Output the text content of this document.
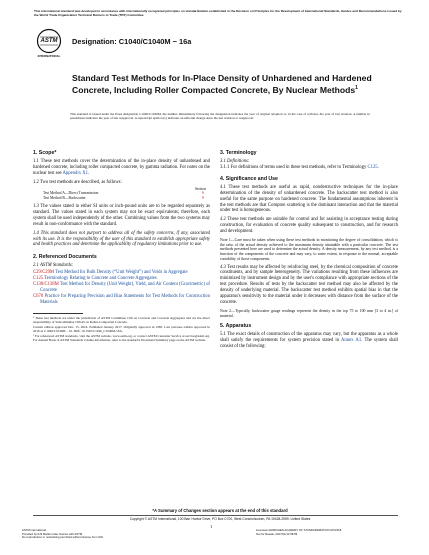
This international standard was developed in accordance with internationally recognized principles on standardization established in the Decision on Principles for the Development of International Standards, Guides and Recommendations issued by the World Trade Organization Technical Barriers to Trade (TBT) Committee.
ASTM
INTERNATIONAL
Designation: C1040/C1040M − 16a
Standard Test Methods for In-Place Density of Unhardened and Hardened Concrete, Including Roller Compacted Concrete, By Nuclear Methods$^1$
This standard is issued under the fixed designation C1040/C1040M; the number immediately following the designation indicates the year of original adoption or, in the case of revision, the year of last revision. A number in parentheses indicates the year of last reapproval. A superscript epsilon (ε) indicates an editorial change since the last revision or reapproval.
1. Scope*

1.1 These test methods cover the determination of the in-place density of unhardened and hardened concrete, including roller compacted concrete, by gamma radiation. For notes on the nuclear test see Appendix X1.

1.2 Two test methods are described, as follows:

Section
Test Method A—Direct Transmission	6
Test Method B—Backscatter	9

1.3 The values stated in either SI units or inch-pound units are to be regarded separately as standard. The values stated in each system may not be exact equivalents; therefore, each system shall be used independently of the other. Combining values from the two systems may result in non-conformance with the standard.

1.4 This standard does not purport to address all of the safety concerns, if any, associated with its use. It is the responsibility of the user of this standard to establish appropriate safety and health practices and determine the applicability of regulatory limitations prior to use.

2. Referenced Documents

2.1 ASTM Standards:

C29/C29M Test Method for Bulk Density (“Unit Weight”) and Voids in Aggregate

C125 Terminology Relating to Concrete and Concrete Aggregates

C138/C138M Test Method for Density (Unit Weight), Yield, and Air Content (Gravimetric) of Concrete

C670 Practice for Preparing Precision and Bias Statements for Test Methods for Construction Materials

¹ These test methods are under the jurisdiction of ASTM Committee C09 on Concrete and Concrete Aggregates and are the direct responsibility of Subcommittee C09.45 on Roller-Compacted Concrete.

Current edition approved Dec. 15, 2016. Published January 2017. Originally approved in 1985. Last previous edition approved in 2016 as C1040/C1040M – 16. DOI: 10.1520/C1040_C1040M-16A.

² For referenced ASTM standards, visit the ASTM website, www.astm.org, or contact ASTM Customer Service at service@astm.org. For Annual Book of ASTM Standards volume information, refer to the standard's Document Summary page on the ASTM website.

3. Terminology

3.1 Definitions:

3.1.1 For definitions of terms used in these test methods, refer to Terminology C125.

4. Significance and Use

4.1 These test methods are useful as rapid, nondestructive techniques for the in-place determination of the density of unhardened concrete. The backscatter test method is also useful for the same purpose on hardened concrete. The fundamental assumptions inherent in the test methods are that Compton scattering is the dominant interaction and that the material under test is homogeneous.

4.2 These test methods are suitable for control and for assisting in acceptance testing during construction, for evaluation of concrete quality subsequent to construction, and for research and development.

Note 1—Care must be taken when using these test methods in monitoring the degree of consolidation, which is the ratio of the actual density achieved to the maximum density attainable with a particular concrete. The test methods presented here are used to determine the actual density. A density measurement, by any test method, is a function of the components of the concrete and may vary, to some extent, in response to the normal, acceptable variability of those components.

4.3 Test results may be affected by reinforcing steel, by the chemical composition of concrete constituents, and by sample heterogeneity. The variations resulting from these influences are minimized by instrument design and by the user's compliance with appropriate sections of the test procedure. Results of tests by the backscatter test method may also be affected by the density of underlying material. The backscatter test method exhibits spatial bias in that the apparatus's sensitivity to the material under it decreases with distance from the surface of the concrete.

Note 2—Typically, backscatter gauge readings represent the density in the top 75 to 100 mm [3 to 4 in.] of material.

5. Apparatus

5.1 The exact details of construction of the apparatus may vary, but the apparatus as a whole shall satisfy the requirements for system precision stated in Annex A1. The system shall consist of the following:

*A Summary of Changes section appears at the end of this standard
Copyright © ASTM International, 100 Barr Harbor Drive, PO Box C700, West Conshohocken, PA 19428-2959. United States
1
ASTM International
Provided by IHS Markit under license with ASTM
No reproduction or networking permitted without license from IHS
Licensee=HHIROHEN ACADEMY OF STANDARDIZATION 6072218
Not for Resale, 2017/01/12 08:59
